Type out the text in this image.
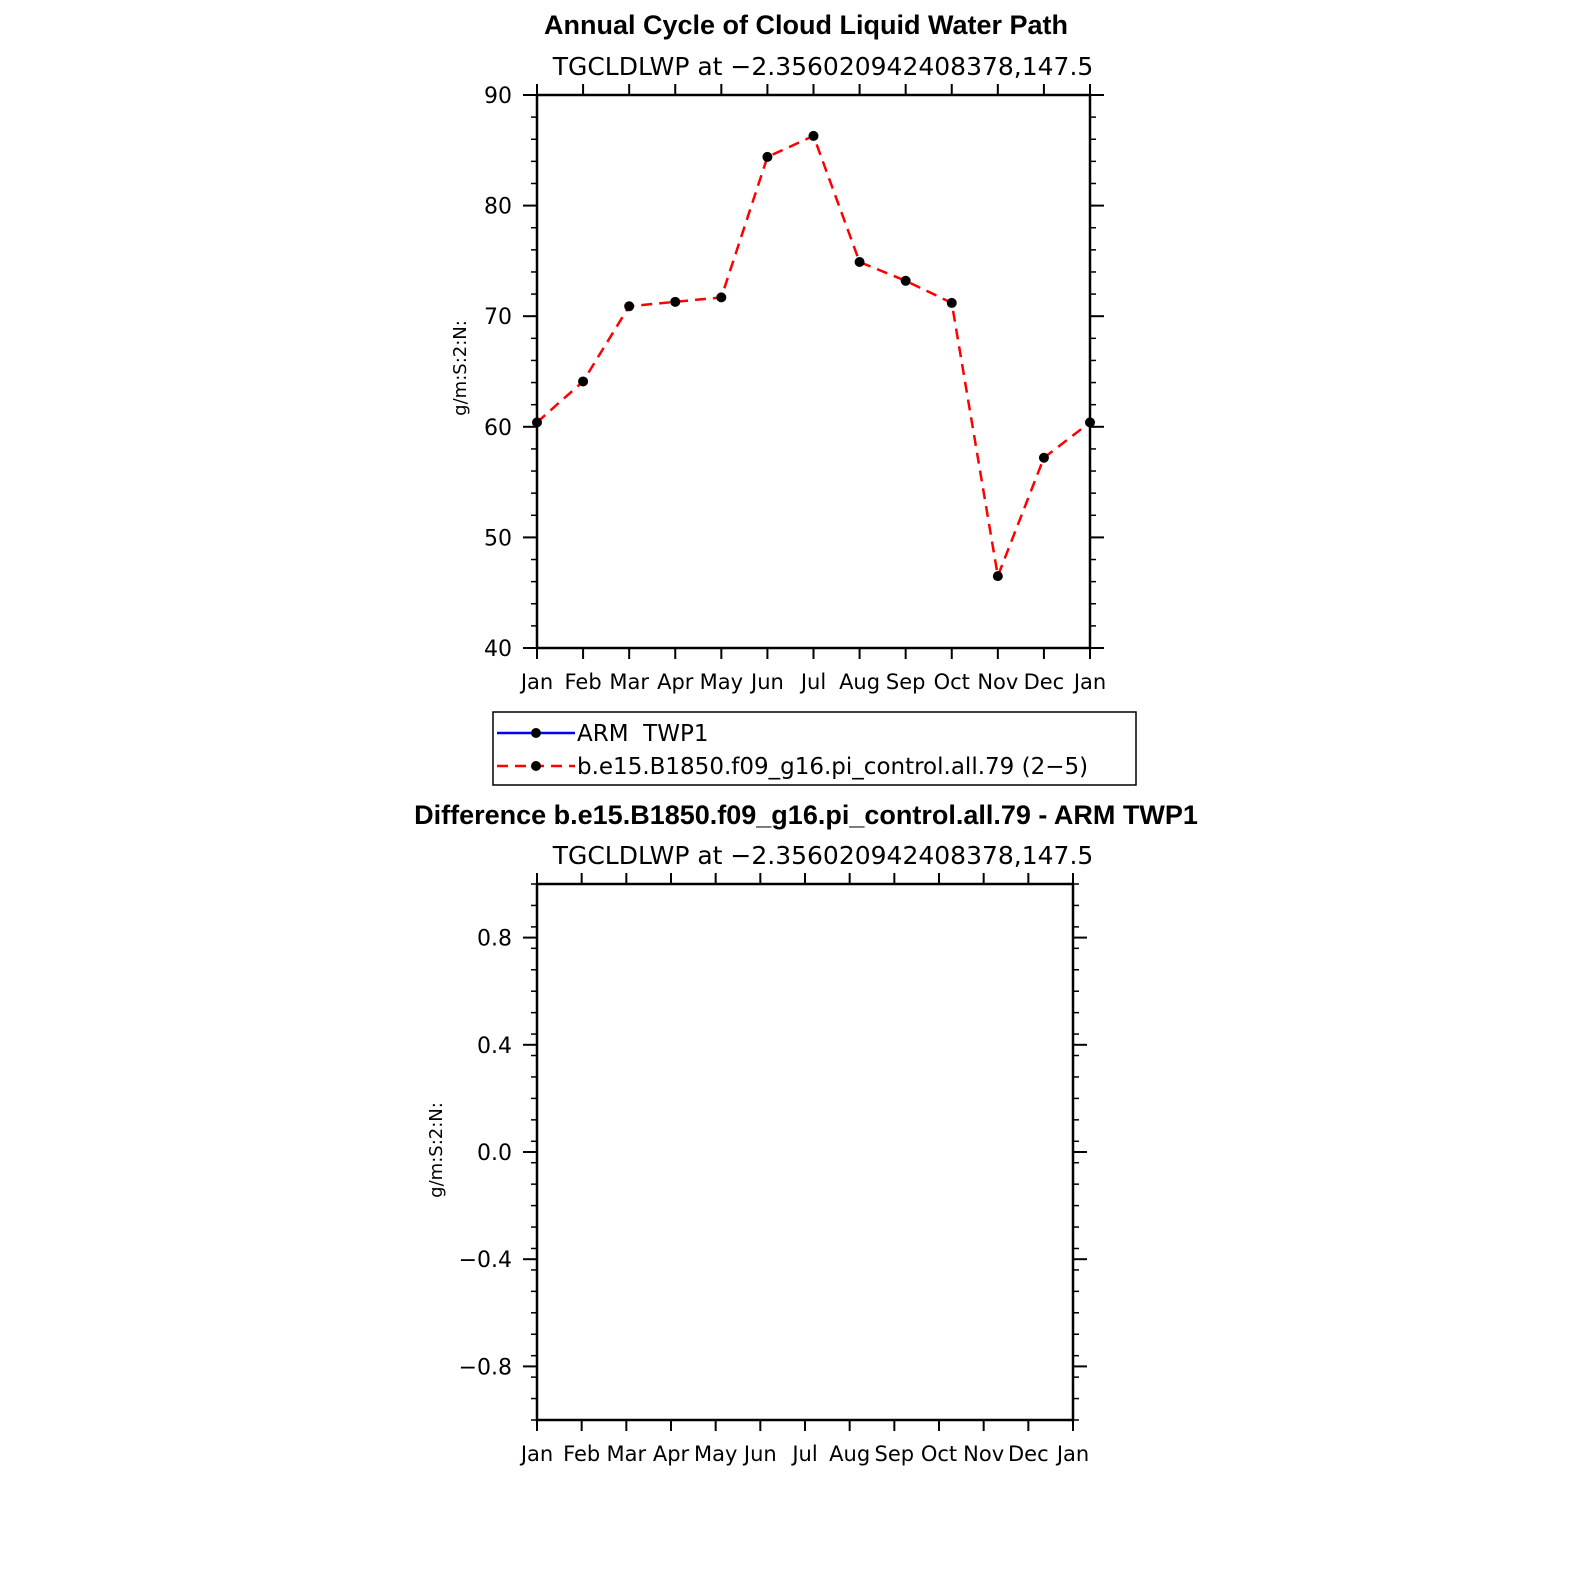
Annual Cycle of Cloud Liquid Water Path
TGCLDLWP at −2.356020942408378,147.5
g/m:S:2:N:
Jan Feb Mar Apr May Jun Jul Aug Sep Oct Nov Dec Jan
40
50
60
70
80
90
ARM  TWP1
b.e15.B1850.f09_g16.pi_control.all.79 (2−5)
Difference b.e15.B1850.f09_g16.pi_control.all.79 - ARM TWP1
TGCLDLWP at −2.356020942408378,147.5
g/m:S:2:N:
Jan Feb Mar Apr May Jun Jul Aug Sep Oct Nov Dec Jan
−0.8
−0.4
0.0
0.4
0.8
